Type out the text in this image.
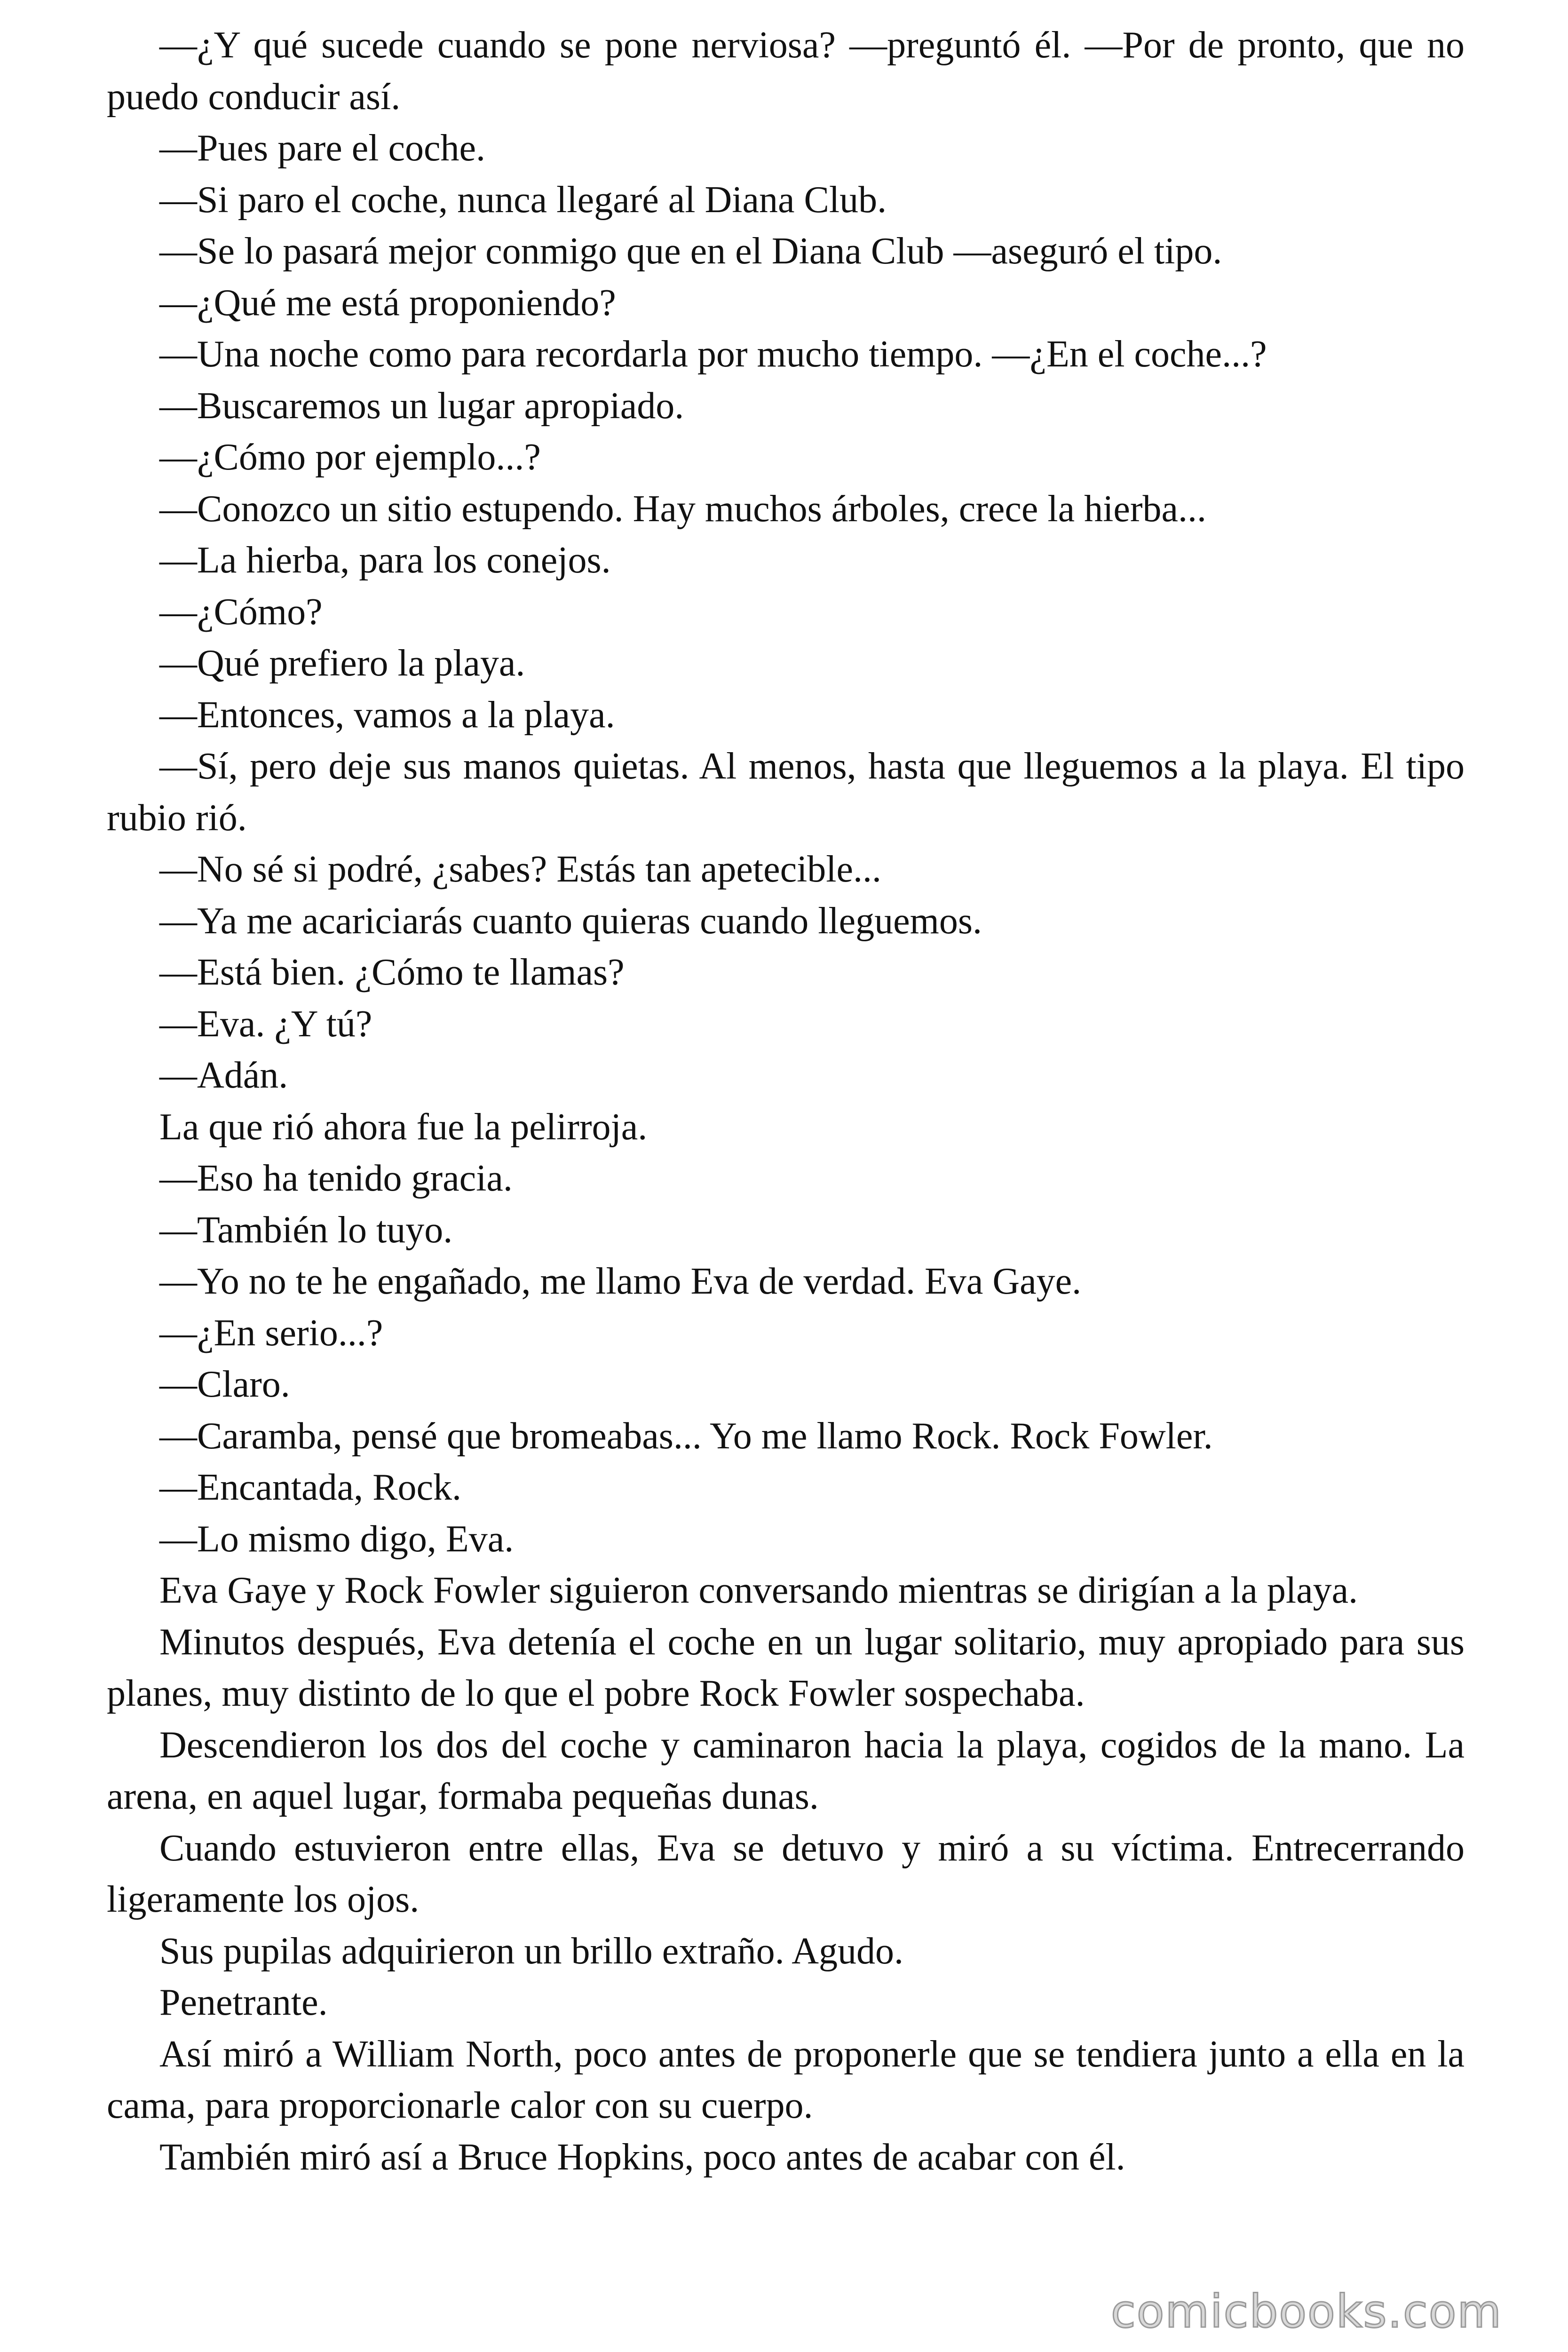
—¿Y qué sucede cuando se pone nerviosa? —preguntó él. —Por de pronto, que no puedo conducir así.

—Pues pare el coche.

—Si paro el coche, nunca llegaré al Diana Club.

—Se lo pasará mejor conmigo que en el Diana Club —aseguró el tipo.

—¿Qué me está proponiendo?

—Una noche como para recordarla por mucho tiempo. —¿En el coche...?

—Buscaremos un lugar apropiado.

—¿Cómo por ejemplo...?

—Conozco un sitio estupendo. Hay muchos árboles, crece la hierba...

—La hierba, para los conejos.

—¿Cómo?

—Qué prefiero la playa.

—Entonces, vamos a la playa.

—Sí, pero deje sus manos quietas. Al menos, hasta que lleguemos a la playa. El tipo rubio rió.

—No sé si podré, ¿sabes? Estás tan apetecible...

—Ya me acariciarás cuanto quieras cuando lleguemos.

—Está bien. ¿Cómo te llamas?

—Eva. ¿Y tú?

—Adán.

La que rió ahora fue la pelirroja.

—Eso ha tenido gracia.

—También lo tuyo.

—Yo no te he engañado, me llamo Eva de verdad. Eva Gaye.

—¿En serio...?

—Claro.

—Caramba, pensé que bromeabas... Yo me llamo Rock. Rock Fowler.

—Encantada, Rock.

—Lo mismo digo, Eva.

Eva Gaye y Rock Fowler siguieron conversando mientras se dirigían a la playa.

Minutos después, Eva detenía el coche en un lugar solitario, muy apropiado para sus planes, muy distinto de lo que el pobre Rock Fowler sospechaba.

Descendieron los dos del coche y caminaron hacia la playa, cogidos de la mano. La arena, en aquel lugar, formaba pequeñas dunas.

Cuando estuvieron entre ellas, Eva se detuvo y miró a su víctima. Entrecerrando ligeramente los ojos.

Sus pupilas adquirieron un brillo extraño. Agudo.

Penetrante.

Así miró a William North, poco antes de proponerle que se tendiera junto a ella en la cama, para proporcionarle calor con su cuerpo.

También miró así a Bruce Hopkins, poco antes de acabar con él.

comicbooks.com
